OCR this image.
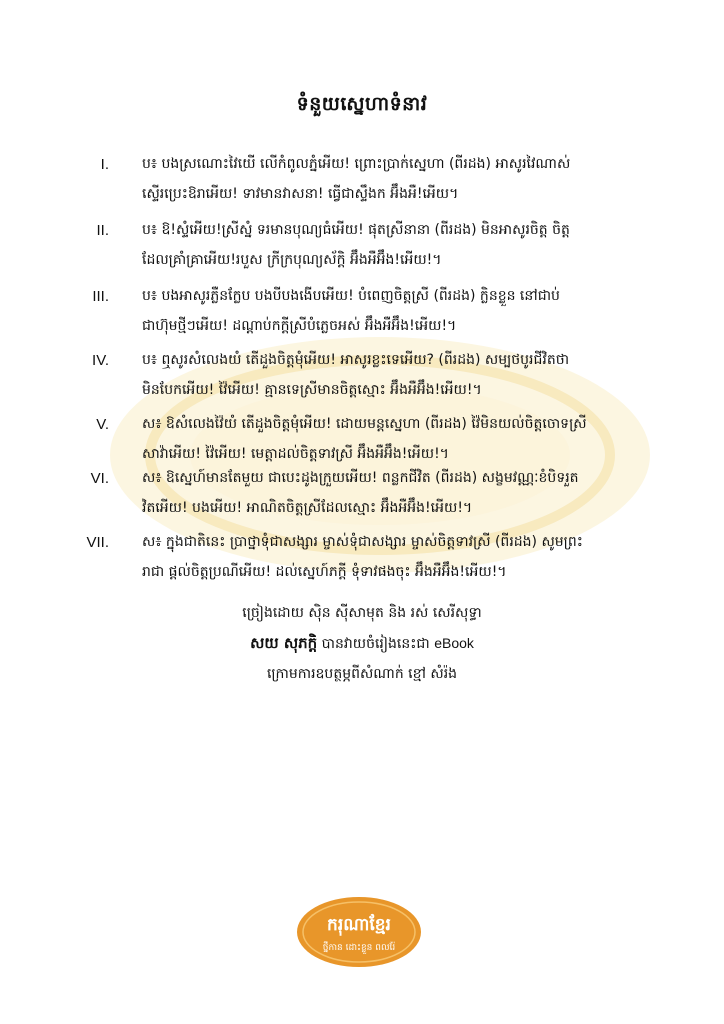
ទំនួយស្នេហាទំនាវ
I. ប៖ បងស្រណោះវៃយើ លើកំពូលភ្នំអើយ! ព្រោះប្រាក់ស្នេហា (ពីរដង) អាសូរវៃណាស់
ស្ទើរប្រេះឱរាអើយ! ទាវមានវាសនា! ធ្វើជាស្ទឹងក អ៊ឹងអឺ!អើយ។
II. ប៖ ឱ!ស្ទំអើយ!ស្រីស្នំ ទរមានបុណ្យធំអើយ! ផុតស្រីនានា (ពីរដង) មិនអាសូរចិត្ត ចិត្ត
ដែលគ្រាំគ្រាអើយ!របួស ក្រីក្របុណ្យស័ក្តិ អ៊ឹងអឺអ៊ឹង!អើយ!។
III. ប៖ បងអាសូរភ្លឺនក្លែប បងបីបងងើបអើយ! បំពេញចិត្តស្រី (ពីរដង) ក្លិនខ្លួន នៅជាប់
ជាហ៊ុមថ្មីៗអើយ! ដណ្តាប់កក្តីស្រីបំភ្លេចអស់ អ៊ឹងអឺអ៊ឹង!អើយ!។
IV. ប៖ ឮសូរសំលេងយំ តើដួងចិត្តមុំអើយ! អាសូរខ្លះទេអើយ? (ពីរដង) សម្បថបូរជីវិតថា
មិនបែកអើយ! វ៉ៃអើយ! គ្មានទេស្រីមានចិត្តស្មោះ អ៊ឹងអឺអ៊ឹង!អើយ!។
V. ស៖ ឱសំលេងវ៉ៃយំ តើដួងចិត្តមុំអើយ! ដោយមន្តស្នេហា (ពីរដង) វ៉ៃមិនយល់ចិត្តចោទស្រី
សាវ៉ាអើយ! វ៉ៃអើយ! មេត្តាដល់ចិត្តទាវស្រី អ៊ឹងអឺអ៊ឹង!អើយ!។
VI. ស៖ ឱស្នេហ៍មានតែមួយ ជាបេះដូងក្រួយអើយ! ពន្លកជីវិត (ពីរដង) សង្ខមវណ្ណៈខំបិទរួត
វិតអើយ! បងអើយ! អាណិតចិត្តស្រីដែលស្មោះ អ៊ឹងអឺអ៊ឹង!អើយ!។
VII. ស៖ ក្នុងជាតិនេះ ប្រាថ្នាទុំជាសង្សារ ម្ចាស់ទុំជាសង្សារ ម្ចាស់ចិត្តទាវស្រី (ពីរដង) សូមព្រះ
រាជា ផ្តល់ចិត្តប្រណីអើយ! ដល់ស្នេហ៍ភក្តី ទុំទាវផងចុះ អ៊ឹងអឺអ៊ឹង!អើយ!។
ច្រៀងដោយ ស៊ិន ស៊ីសាមុត និង រស់ សេរីសុទ្ធា
សយ សុភក្តិ បានវាយចំរៀងនេះជា eBook
ក្រោមការឧបត្ថម្ភពីសំណាក់ ខ្មៅ សំរ៉ង
ករុណាខ្មែរ
ថ្នឹកាន ដោះខ្លួន ពលរ៉ែ
